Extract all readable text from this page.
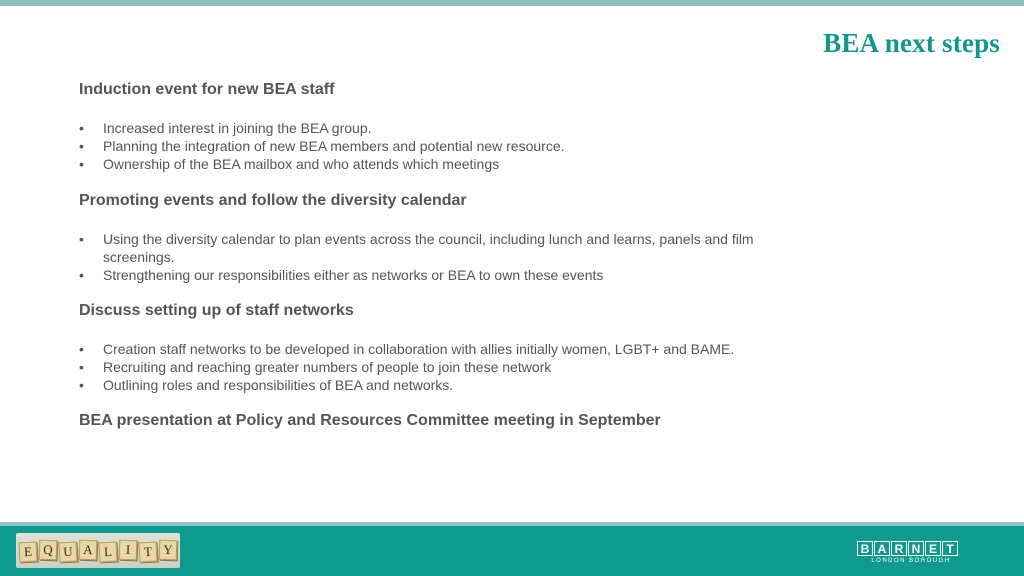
BEA next steps
Induction event for new BEA staff
• Increased interest in joining the BEA group.
• Planning the integration of new BEA members and potential new resource.
• Ownership of the BEA mailbox and who attends which meetings
Promoting events and follow the diversity calendar
• Using the diversity calendar to plan events across the council, including lunch and learns, panels and film screenings.
• Strengthening our responsibilities either as networks or BEA to own these events
Discuss setting up of staff networks
• Creation staff networks to be developed in collaboration with allies initially women, LGBT+ and BAME.
• Recruiting and reaching greater numbers of people to join these network
• Outlining roles and responsibilities of BEA and networks.
BEA presentation at Policy and Resources Committee meeting in September
E Q U A L	I	T Y	B A R N E T
LONDON BOROUGH
